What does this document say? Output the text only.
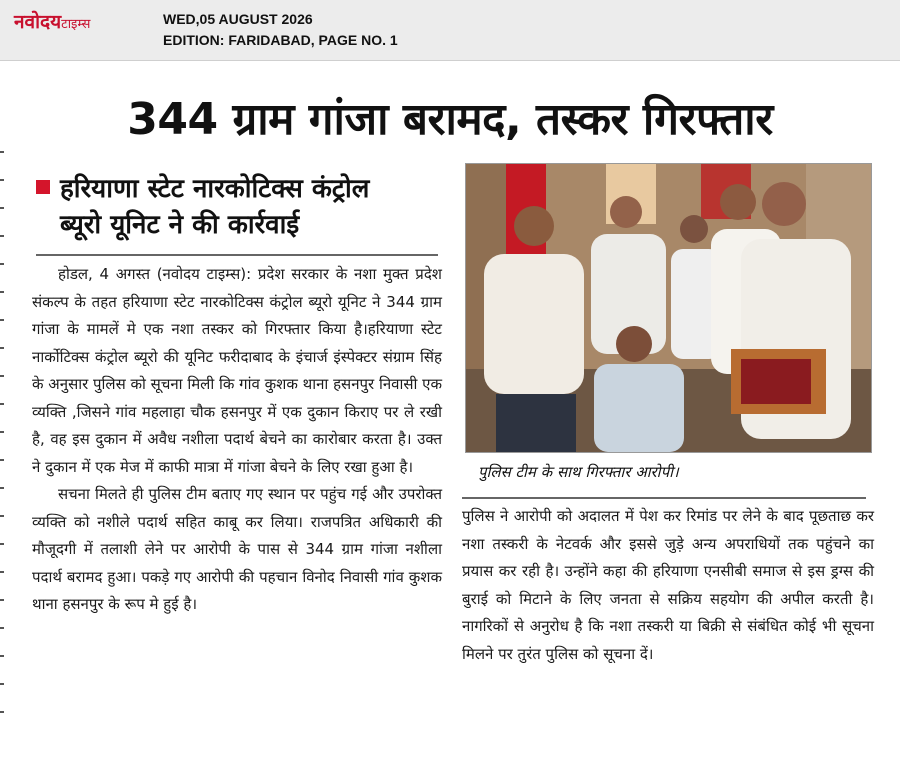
नवोदयटाइम्स	WED,05 AUGUST 2026
EDITION: FARIDABAD, PAGE NO. 1
344 ग्राम गांजा बरामद, तस्कर गिरफ्तार
हरियाणा स्टेट नारकोटिक्स कंट्रोल
ब्यूरो यूनिट ने की कार्रवाई

होडल, 4 अगस्त (नवोदय टाइम्स): प्रदेश सरकार के नशा मुक्त प्रदेश संकल्प के तहत हरियाणा स्टेट नारकोटिक्स कंट्रोल ब्यूरो यूनिट ने 344 ग्राम गांजा के मामलें मे एक नशा तस्कर को गिरफ्तार किया है।हरियाणा स्टेट नार्कोटिक्स कंट्रोल ब्यूरो की यूनिट फरीदाबाद के इंचार्ज इंस्पेक्टर संग्राम सिंह के अनुसार पुलिस को सूचना मिली कि गांव कुशक थाना हसनपुर निवासी एक व्यक्ति ,जिसने गांव महलाहा चौक हसनपुर में एक दुकान किराए पर ले रखी है, वह इस दुकान में अवैध नशीला पदार्थ बेचने का कारोबार करता है। उक्त ने दुकान में एक मेज में काफी मात्रा में गांजा बेचने के लिए रखा हुआ है।

सचना मिलते ही पुलिस टीम बताए गए स्थान पर पहुंच गई और उपरोक्त व्यक्ति को नशीले पदार्थ सहित काबू कर लिया। राजपत्रित अधिकारी की मौजूदगी में तलाशी लेने पर आरोपी के पास से 344 ग्राम गांजा नशीला पदार्थ बरामद हुआ। पकड़े गए आरोपी की पहचान विनोद निवासी गांव कुशक थाना हसनपुर के रूप मे हुई है।

पुलिस टीम के साथ गिरफ्तार आरोपी।

पुलिस ने आरोपी को अदालत में पेश कर रिमांड पर लेने के बाद पूछताछ कर नशा तस्करी के नेटवर्क और इससे जुड़े अन्य अपराधियों तक पहुंचने का प्रयास कर रही है। उन्होंने कहा की हरियाणा एनसीबी समाज से इस ड्रग्स की बुराई को मिटाने के लिए जनता से सक्रिय सहयोग की अपील करती है। नागरिकों से अनुरोध है कि नशा तस्करी या बिक्री से संबंधित कोई भी सूचना मिलने पर तुरंत पुलिस को सूचना दें।
